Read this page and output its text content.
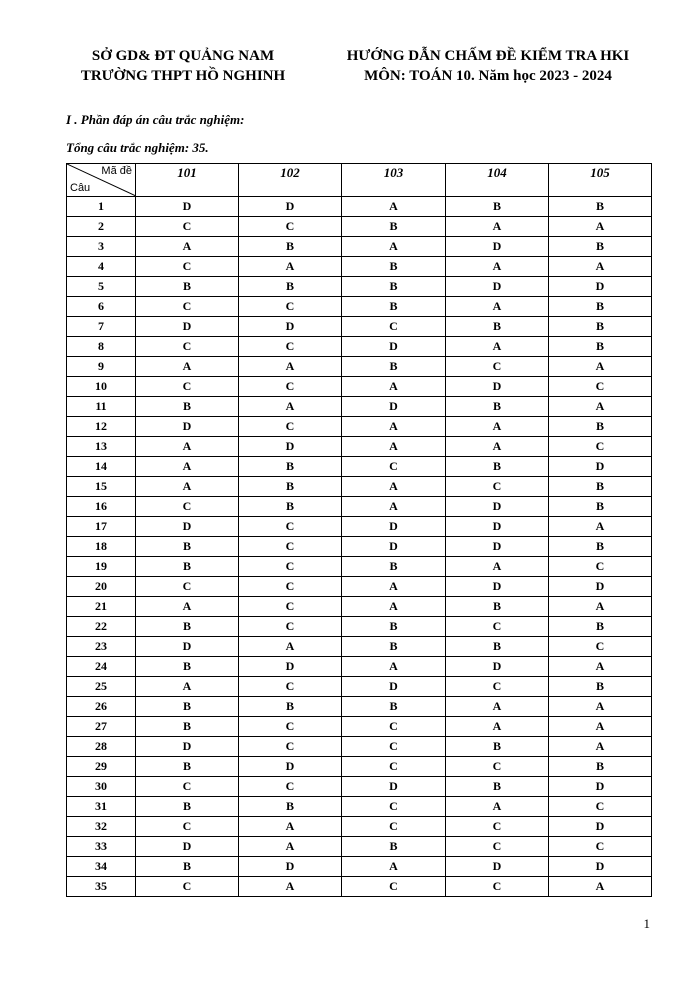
SỞ GD& ĐT QUẢNG NAM
TRƯỜNG THPT HỒ NGHINH
HƯỚNG DẪN CHẤM ĐỀ KIỂM TRA HKI
MÔN: TOÁN 10. Năm học 2023 - 2024
I . Phần đáp án câu trắc nghiệm:
Tổng câu trắc nghiệm: 35.
Mã đề
Câu	101	102	103	104	105
1	D	D	A	B	B
2	C	C	B	A	A
3	A	B	A	D	B
4	C	A	B	A	A
5	B	B	B	D	D
6	C	C	B	A	B
7	D	D	C	B	B
8	C	C	D	A	B
9	A	A	B	C	A
10	C	C	A	D	C
11	B	A	D	B	A
12	D	C	A	A	B
13	A	D	A	A	C
14	A	B	C	B	D
15	A	B	A	C	B
16	C	B	A	D	B
17	D	C	D	D	A
18	B	C	D	D	B
19	B	C	B	A	C
20	C	C	A	D	D
21	A	C	A	B	A
22	B	C	B	C	B
23	D	A	B	B	C
24	B	D	A	D	A
25	A	C	D	C	B
26	B	B	B	A	A
27	B	C	C	A	A
28	D	C	C	B	A
29	B	D	C	C	B
30	C	C	D	B	D
31	B	B	C	A	C
32	C	A	C	C	D
33	D	A	B	C	C
34	B	D	A	D	D
35	C	A	C	C	A
1
